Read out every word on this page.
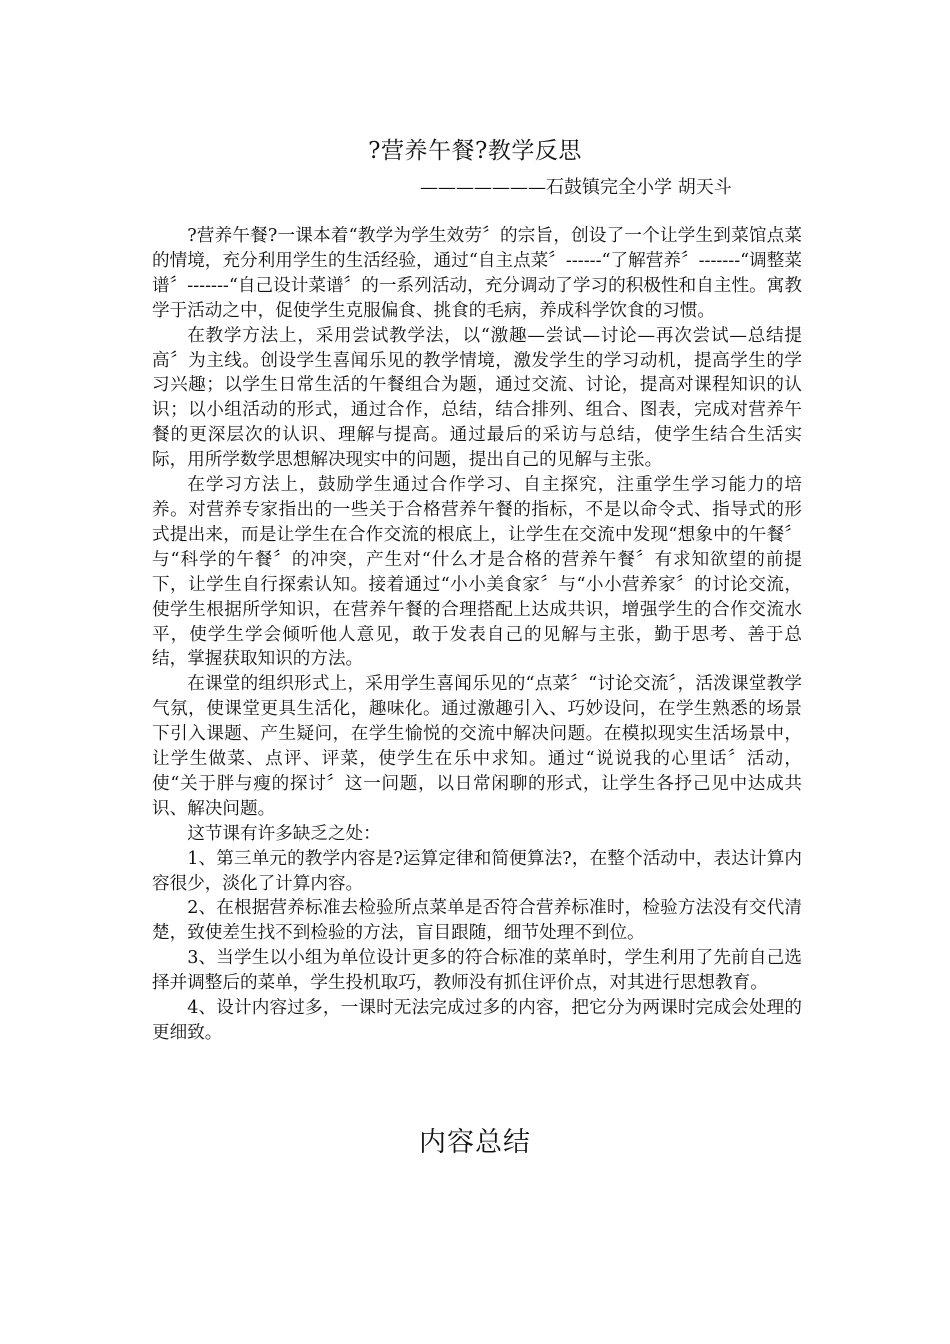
?营养午餐?教学反思
———————石鼓镇完全小学 胡天斗

?营养午餐?一课本着“教学为学生效劳〞的宗旨，创设了一个让学生到菜馆点菜的情境，充分利用学生的生活经验，通过“自主点菜〞------“了解营养〞-------“调整菜谱〞-------“自己设计菜谱〞的一系列活动，充分调动了学习的积极性和自主性。寓教学于活动之中，促使学生克服偏食、挑食的毛病，养成科学饮食的习惯。

在教学方法上，采用尝试教学法，以“激趣—尝试—讨论—再次尝试—总结提高〞为主线。创设学生喜闻乐见的教学情境，激发学生的学习动机，提高学生的学习兴趣；以学生日常生活的午餐组合为题，通过交流、讨论，提高对课程知识的认识；以小组活动的形式，通过合作，总结，结合排列、组合、图表，完成对营养午餐的更深层次的认识、理解与提高。通过最后的采访与总结，使学生结合生活实际，用所学数学思想解决现实中的问题，提出自己的见解与主张。

在学习方法上，鼓励学生通过合作学习、自主探究，注重学生学习能力的培养。对营养专家指出的一些关于合格营养午餐的指标，不是以命令式、指导式的形式提出来，而是让学生在合作交流的根底上，让学生在交流中发现“想象中的午餐〞与“科学的午餐〞的冲突，产生对“什么才是合格的营养午餐〞有求知欲望的前提下，让学生自行探索认知。接着通过“小小美食家〞与“小小营养家〞的讨论交流，使学生根据所学知识，在营养午餐的合理搭配上达成共识，增强学生的合作交流水平，使学生学会倾听他人意见，敢于发表自己的见解与主张，勤于思考、善于总结，掌握获取知识的方法。

在课堂的组织形式上，采用学生喜闻乐见的“点菜〞“讨论交流〞，活泼课堂教学气氛，使课堂更具生活化，趣味化。通过激趣引入、巧妙设问，在学生熟悉的场景下引入课题、产生疑问，在学生愉悦的交流中解决问题。在模拟现实生活场景中，让学生做菜、点评、评菜，使学生在乐中求知。通过“说说我的心里话〞活动，使“关于胖与瘦的探讨〞这一问题，以日常闲聊的形式，让学生各抒己见中达成共识、解决问题。

这节课有许多缺乏之处：

1、第三单元的教学内容是?运算定律和简便算法?，在整个活动中，表达计算内容很少，淡化了计算内容。

2、在根据营养标准去检验所点菜单是否符合营养标准时，检验方法没有交代清楚，致使差生找不到检验的方法，盲目跟随，细节处理不到位。

3、当学生以小组为单位设计更多的符合标准的菜单时，学生利用了先前自己选择并调整后的菜单，学生投机取巧，教师没有抓住评价点，对其进行思想教育。

4、设计内容过多，一课时无法完成过多的内容，把它分为两课时完成会处理的更细致。

内容总结
